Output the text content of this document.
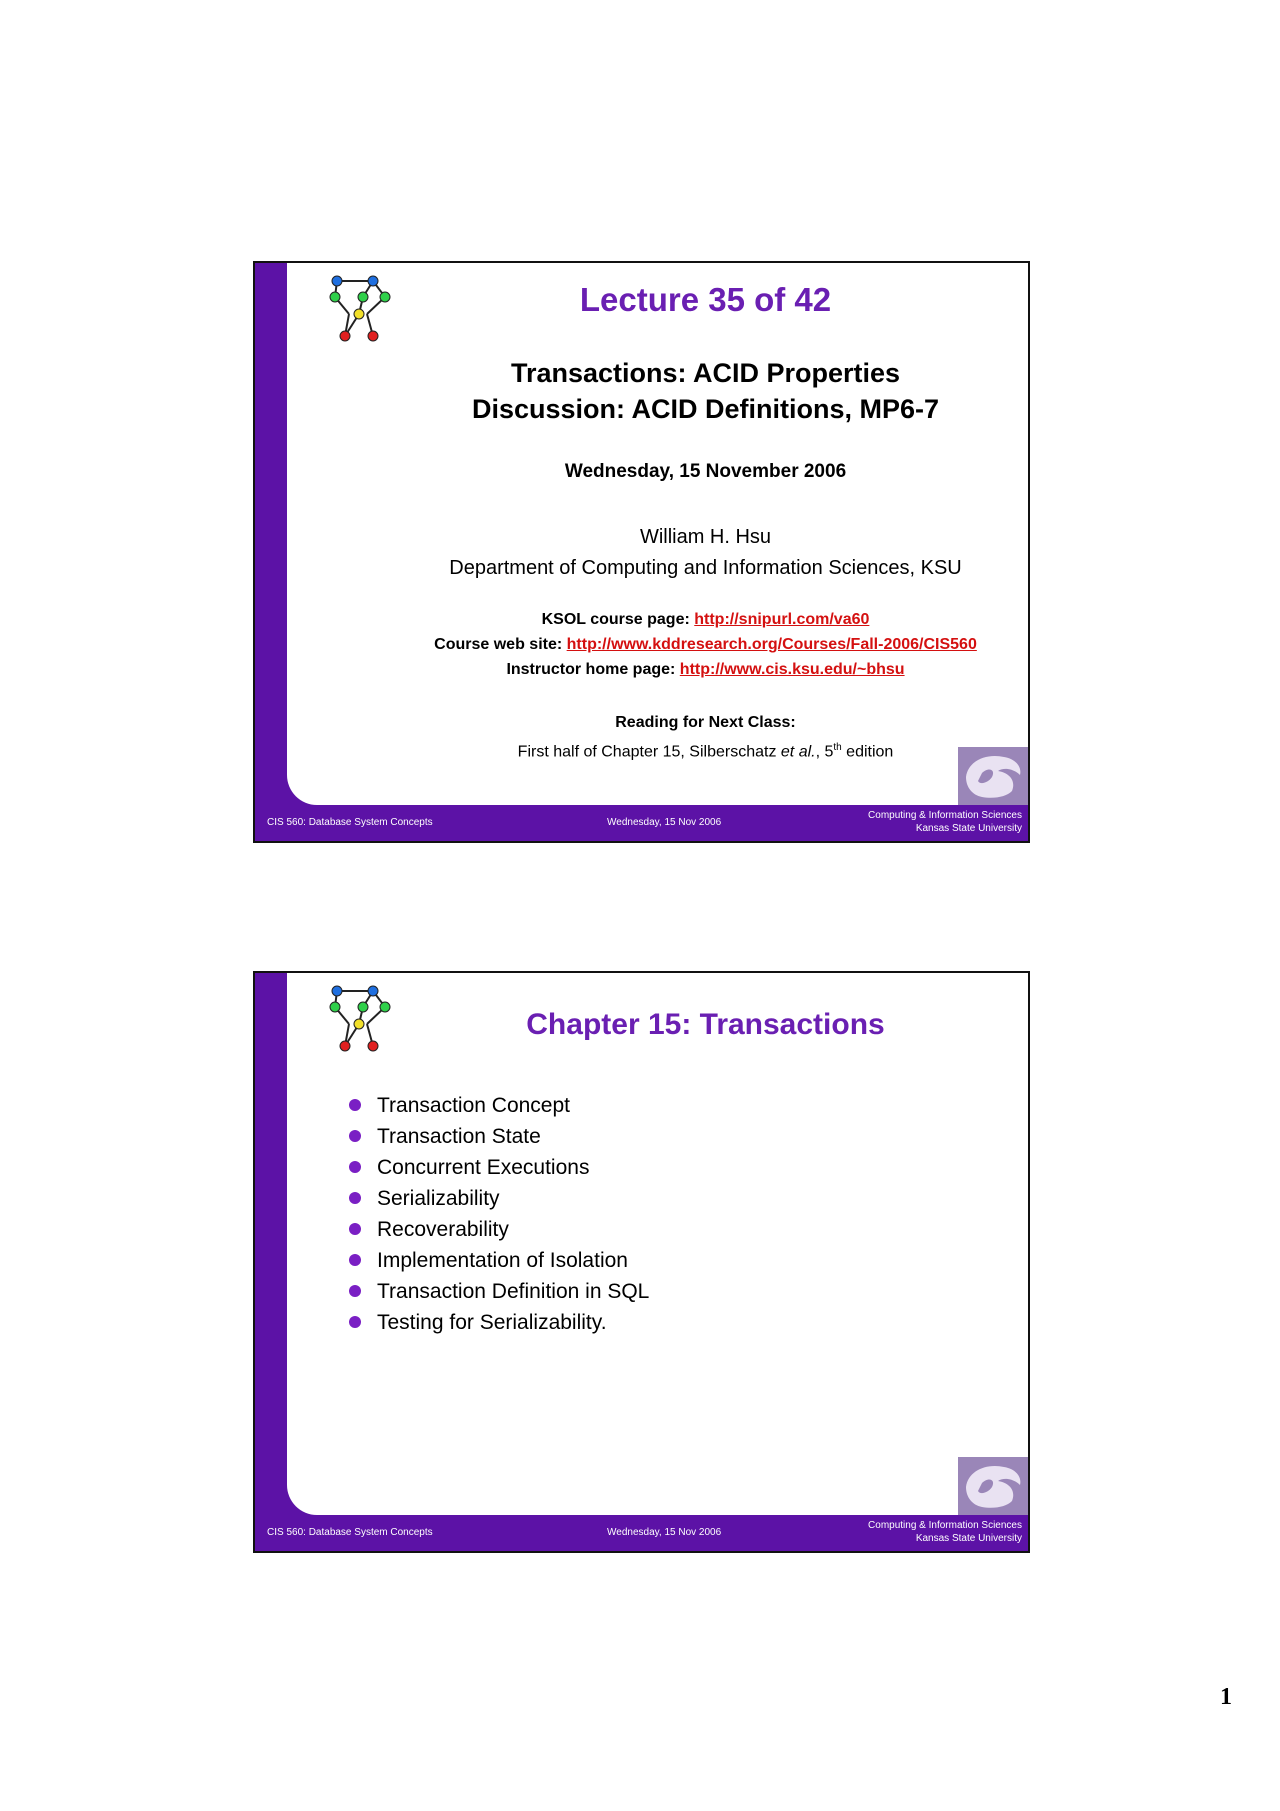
Lecture 35 of 42
Transactions: ACID Properties
Discussion: ACID Definitions, MP6-7
Wednesday, 15 November 2006
William H. Hsu
Department of Computing and Information Sciences, KSU
KSOL course page: http://snipurl.com/va60
Course web site: http://www.kddresearch.org/Courses/Fall-2006/CIS560
Instructor home page: http://www.cis.ksu.edu/~bhsu
Reading for Next Class:
First half of Chapter 15, Silberschatz et al., 5th edition
CIS 560: Database System Concepts	Wednesday, 15 Nov 2006
Computing & Information Sciences
Kansas State University
Chapter 15: Transactions
Transaction Concept
Transaction State
Concurrent Executions
Serializability
Recoverability
Implementation of Isolation
Transaction Definition in SQL
Testing for Serializability.
CIS 560: Database System Concepts	Wednesday, 15 Nov 2006
Computing & Information Sciences
Kansas State University
1
